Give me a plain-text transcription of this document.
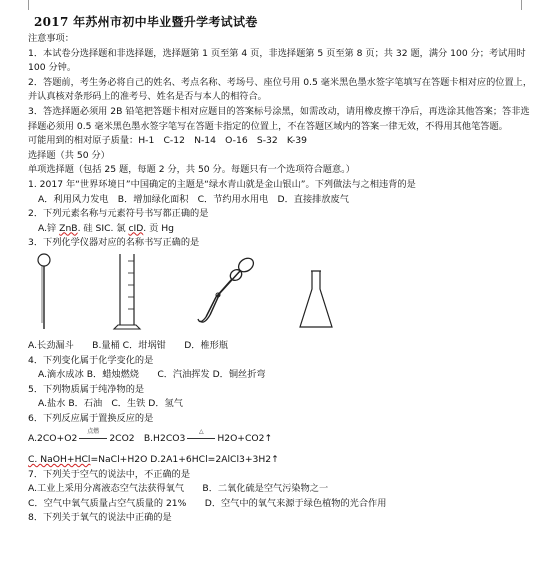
2017 年苏州市初中毕业暨升学考试试卷
注意事项：
1．本试卷分选择题和非选择题，选择题第 1 页至第 4 页，非选择题第 5 页至第 8 页；共 32 题，满分 100 分；考试用时 100 分钟。
2．答题前，考生务必将自己的姓名、考点名称、考场号、座位号用 0.5 毫米黑色墨水签字笔填写在答题卡相对应的位置上，并认真核对条形码上的准考号、姓名是否与本人的相符合。
3．答选择题必须用 2B 铅笔把答题卡相对应题目的答案标号涂黑，如需改动，请用橡皮擦干净后，再选涂其他答案；答非选择题必须用 0.5 毫米黑色墨水签字笔写在答题卡指定的位置上，不在答题区域内的答案一律无效，不得用其他笔答题。
可能用到的相对原子质量：H-1　C-12　N-14　O-16　S-32　K-39
选择题（共 50 分）
单项选择题（包括 25 题，每题 2 分，共 50 分。每题只有一个选项符合题意。）
1. 2017 年“世界环境日”中国确定的主题是“绿水青山就是金山银山”。下列做法与之相违背的是
A．利用风力发电　B．增加绿化面积　C．节约用水用电　D．直接排放废气
2．下列元素名称与元素符号书写都正确的是
A.锌 ZnB. 硅 SIC. 氯 cID. 贡 Hg
3．下列化学仪器对应的名称书写正确的是
A.长劲漏斗　　B.量桶 C．坩埚钳　　D．椎形瓶
4．下列变化属于化学变化的是
A.滴水成冰 B．蜡烛燃烧　　C．汽油挥发 D．铜丝折弯
5．下列物质属于纯净物的是
A.盐水 B．石油　C．生铁 D．氢气
6．下列反应属于置换反应的是
A.2CO+O2
点燃
2CO2　B.H2CO3
△
H2O+CO2↑
C. NaOH+HCl=NaCl+H2O D.2A1+6HCl=2AlCl3+3H2↑
7．下列关于空气的说法中，不正确的是
A.工业上采用分离液态空气法获得氧气　　B．二氧化硫是空气污染物之一
C．空气中氧气质量占空气质量的 21%　　D．空气中的氧气来源于绿色植物的光合作用
8．下列关于氧气的说法中正确的是
